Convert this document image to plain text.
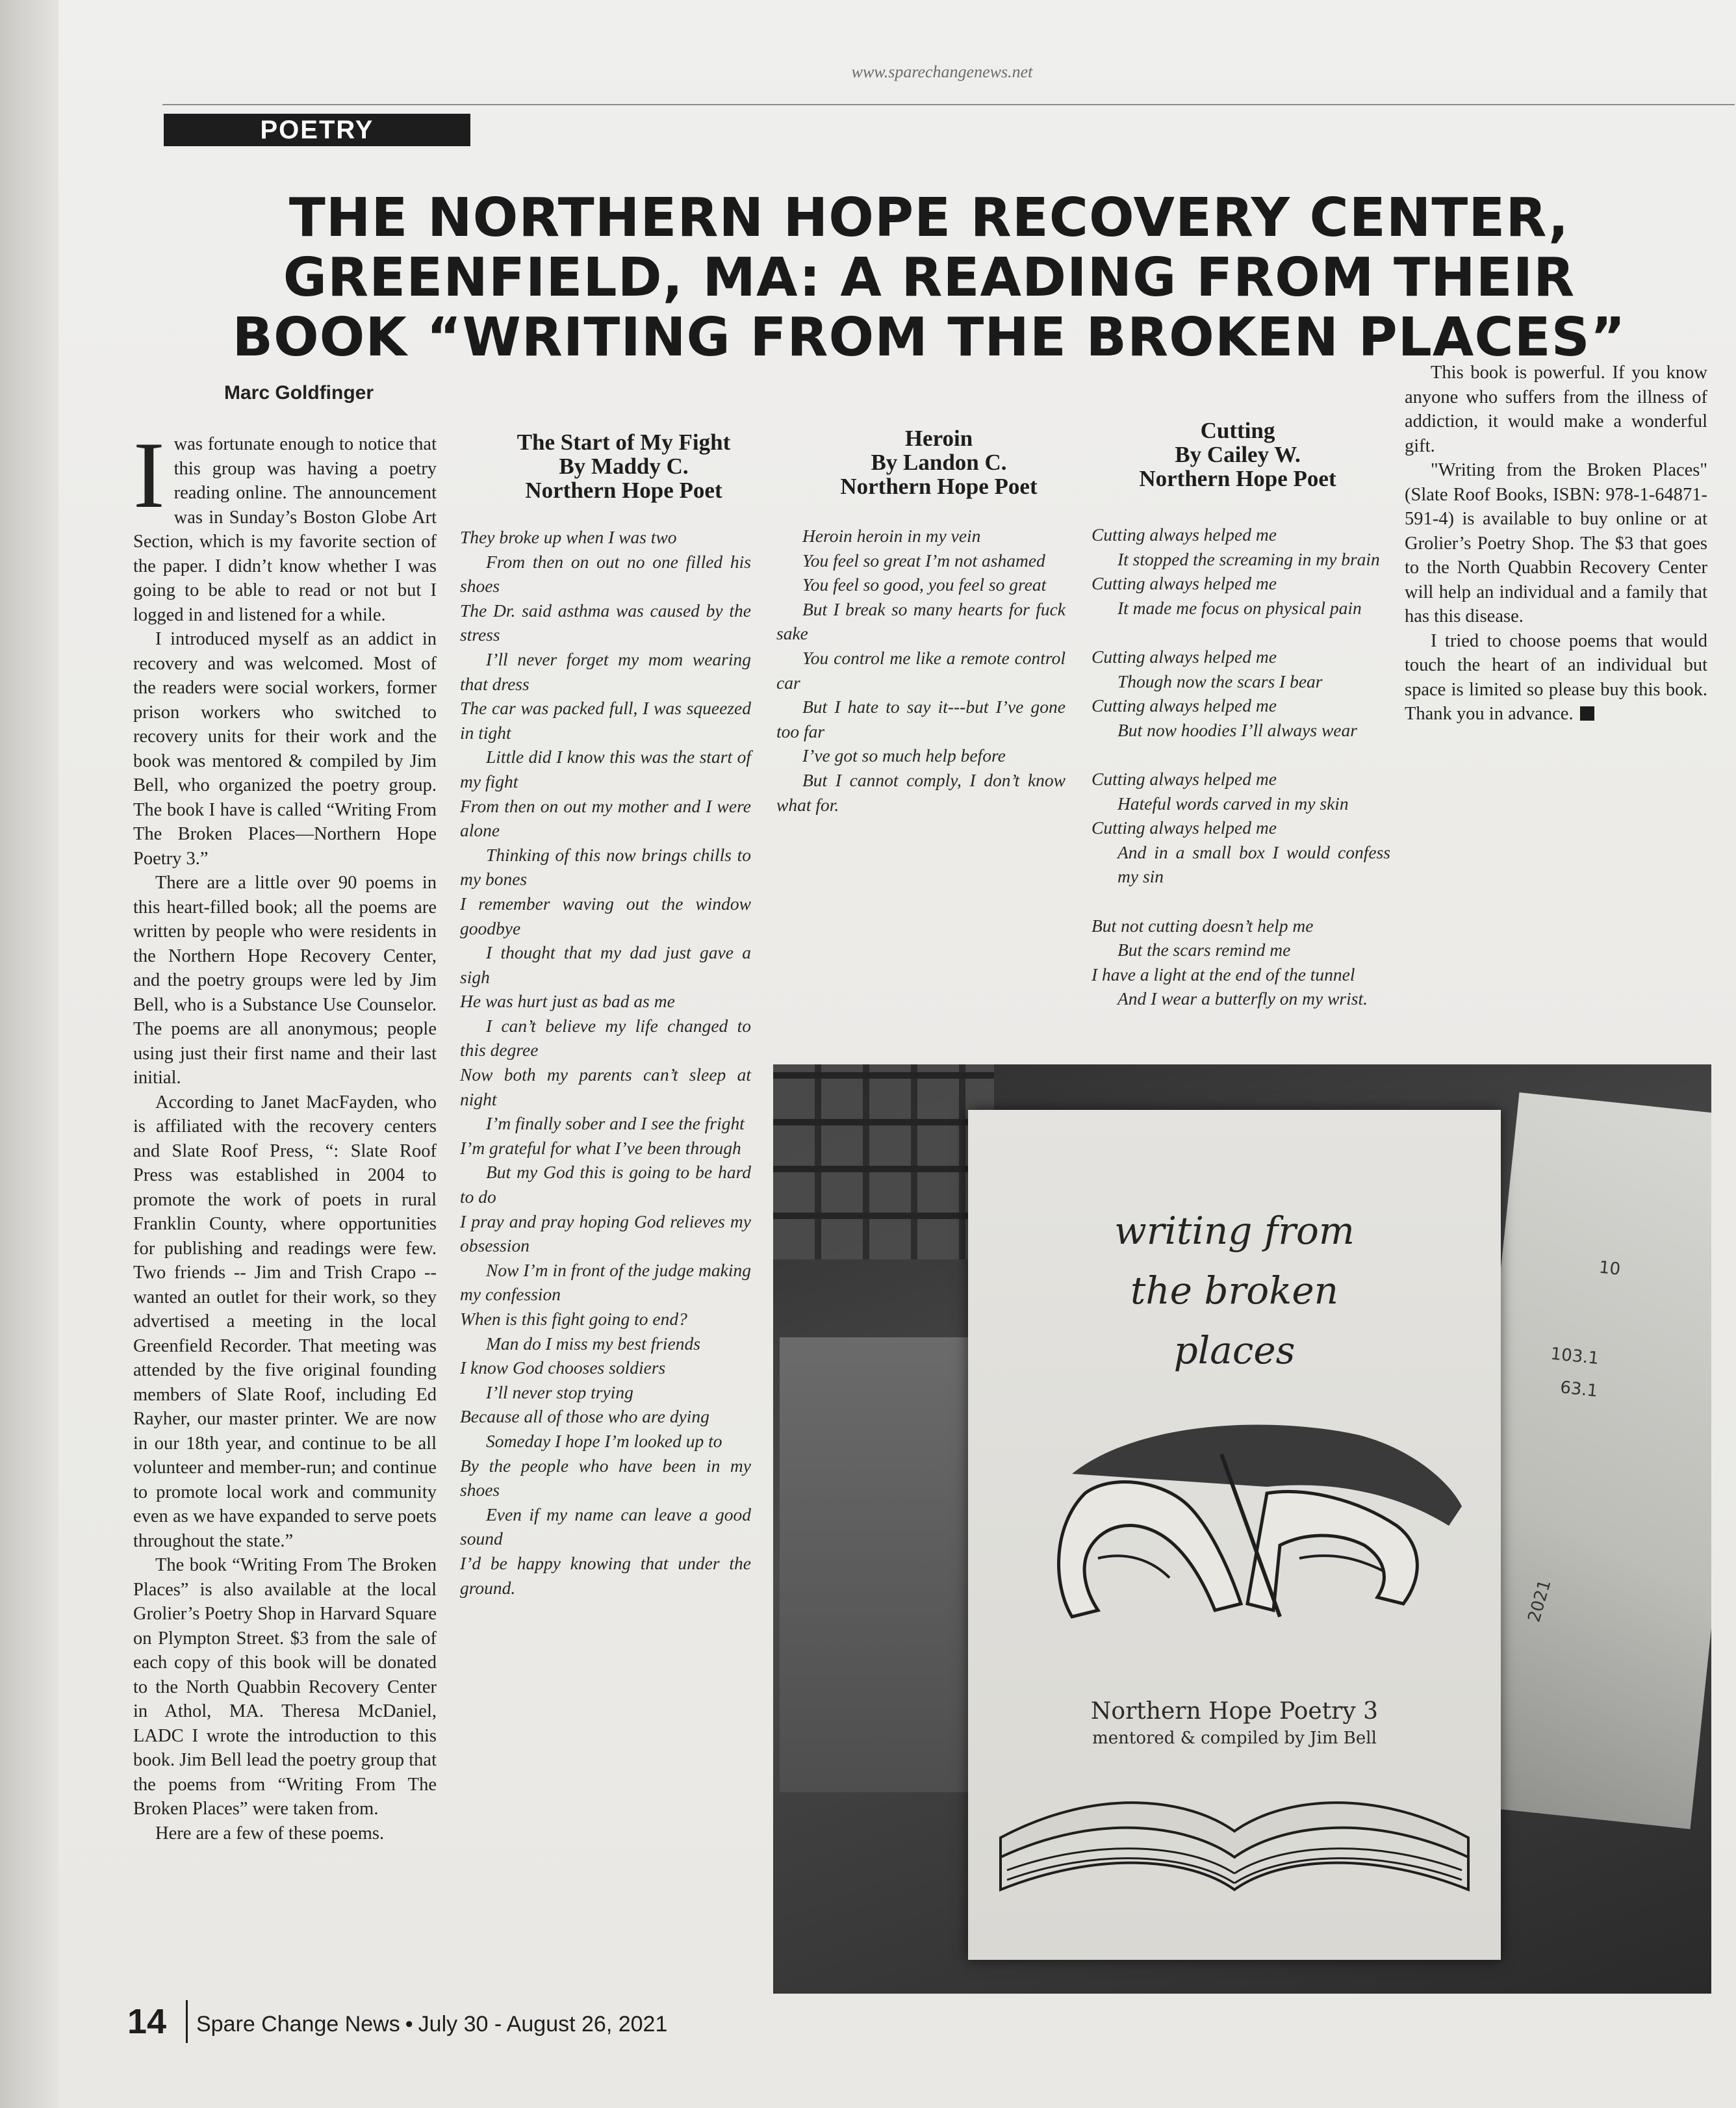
www.sparechangenews.net
POETRY
THE NORTHERN HOPE RECOVERY CENTER,
GREENFIELD, MA: A READING FROM THEIR
BOOK “WRITING FROM THE BROKEN PLACES”
Marc Goldfinger

Iwas fortunate enough to notice that this group was having a poetry reading online. The announcement was in Sunday’s Boston Globe Art Section, which is my favorite section of the paper. I didn’t know whether I was going to be able to read or not but I logged in and listened for a while.

I introduced myself as an addict in recovery and was welcomed. Most of the readers were social workers, former prison workers who switched to recovery units for their work and the book was mentored & compiled by Jim Bell, who organized the poetry group. The book I have is called “Writing From The Broken Places—Northern Hope Poetry 3.”

There are a little over 90 poems in this heart-filled book; all the poems are written by people who were residents in the Northern Hope Recovery Center, and the poetry groups were led by Jim Bell, who is a Substance Use Counselor. The poems are all anonymous; people using just their first name and their last initial.

According to Janet MacFayden, who is affiliated with the recovery centers and Slate Roof Press, “: Slate Roof Press was established in 2004 to promote the work of poets in rural Franklin County, where opportunities for publishing and readings were few. Two friends -- Jim and Trish Crapo -- wanted an outlet for their work, so they advertised a meeting in the local Greenfield Recorder. That meeting was attended by the five original founding members of Slate Roof, including Ed Rayher, our master printer. We are now in our 18th year, and continue to be all volunteer and member-run; and continue to promote local work and community even as we have expanded to serve poets throughout the state.”

The book “Writing From The Broken Places” is also available at the local Grolier’s Poetry Shop in Harvard Square on Plympton Street. $3 from the sale of each copy of this book will be donated to the North Quabbin Recovery Center in Athol, MA. Theresa McDaniel, LADC I wrote the introduction to this book. Jim Bell lead the poetry group that the poems from “Writing From The Broken Places” were taken from.

Here are a few of these poems.

The Start of My Fight
By Maddy C.
Northern Hope Poet
They broke up when I was two
From then on out no one filled his shoes
The Dr. said asthma was caused by the stress
I’ll never forget my mom wearing that dress
The car was packed full, I was squeezed in tight
Little did I know this was the start of my fight
From then on out my mother and I were alone
Thinking of this now brings chills to my bones
I remember waving out the window goodbye
I thought that my dad just gave a sigh
He was hurt just as bad as me
I can’t believe my life changed to this degree
Now both my parents can’t sleep at night
I’m finally sober and I see the fright
I’m grateful for what I’ve been through
But my God this is going to be hard to do
I pray and pray hoping God relieves my obsession
Now I’m in front of the judge making my confession
When is this fight going to end?
Man do I miss my best friends
I know God chooses soldiers
I’ll never stop trying
Because all of those who are dying
Someday I hope I’m looked up to
By the people who have been in my shoes
Even if my name can leave a good sound
I’d be happy knowing that under the ground.
Heroin
By Landon C.
Northern Hope Poet
Heroin heroin in my vein
You feel so great I’m not ashamed
You feel so good, you feel so great
But I break so many hearts for fuck sake
You control me like a remote control car
But I hate to say it---but I’ve gone too far
I’ve got so much help before
But I cannot comply, I don’t know what for.
Cutting
By Cailey W.
Northern Hope Poet
Cutting always helped me
It stopped the screaming in my brain
Cutting always helped me
It made me focus on physical pain
Cutting always helped me
Though now the scars I bear
Cutting always helped me
But now hoodies I’ll always wear
Cutting always helped me
Hateful words carved in my skin
Cutting always helped me
And in a small box I would confess my sin
But not cutting doesn’t help me
But the scars remind me
I have a light at the end of the tunnel
And I wear a butterfly on my wrist.

This book is powerful. If you know anyone who suffers from the illness of addiction, it would make a wonderful gift.

"Writing from the Broken Places" (Slate Roof Books, ISBN: 978-1-64871-591-4) is available to buy online or at Grolier’s Poetry Shop. The $3 that goes to the North Quabbin Recovery Center will help an individual and a family that has this disease.

I tried to choose poems that would touch the heart of an individual but space is limited so please buy this book. Thank you in advance.

10
103.1
63.1
2021
writing from
the broken
places
Northern Hope Poetry 3
mentored & compiled by Jim Bell
14 Spare Change News • July 30 - August 26, 2021
